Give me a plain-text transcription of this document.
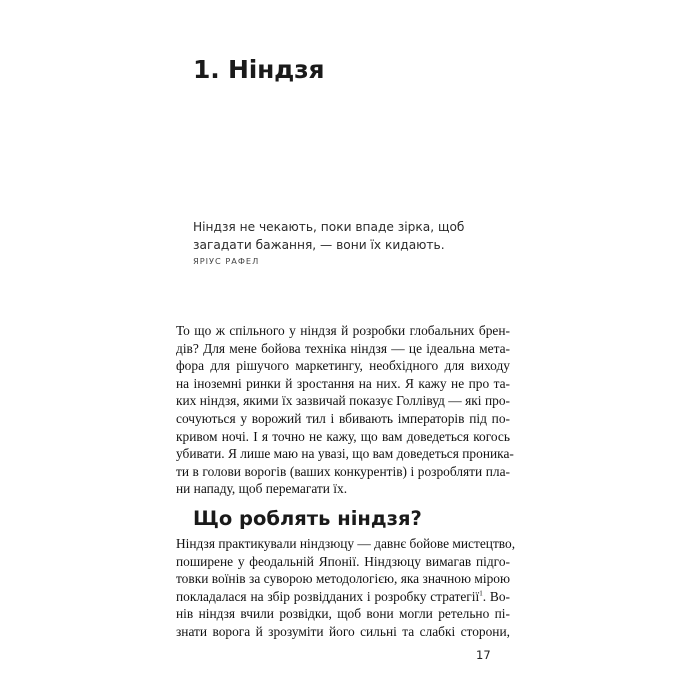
1. Ніндзя

Ніндзя не чекають, поки впаде зірка, щоб

загадати бажання, — вони їх кидають.

ЯРІУС РАФЕЛ

То що ж спільного у ніндзя й розробки глобальних брен-
дів? Для мене бойова техніка ніндзя — це ідеальна мета-
фора для рішучого маркетингу, необхідного для виходу
на іноземні ринки й зростання на них. Я кажу не про та-
ких ніндзя, якими їх зазвичай показує Голлівуд — які про-
сочуються у ворожий тил і вбивають імператорів під по-
кривом ночі. І я точно не кажу, що вам доведеться когось
убивати. Я лише маю на увазі, що вам доведеться проника-
ти в голови ворогів (ваших конкурентів) і розробляти пла-
ни нападу, щоб перемагати їх.
Що роблять ніндзя?
Ніндзя практикували ніндзюцу — давнє бойове мистецтво,
поширене у феодальній Японії. Ніндзюцу вимагав підго-
товки воїнів за суворою методологією, яка значною мірою
покладалася на збір розвідданих і розробку стратегії$^1$. Во-
нів ніндзя вчили розвідки, щоб вони могли ретельно пі-
знати ворога й зрозуміти його сильні та слабкі сторони,
17
